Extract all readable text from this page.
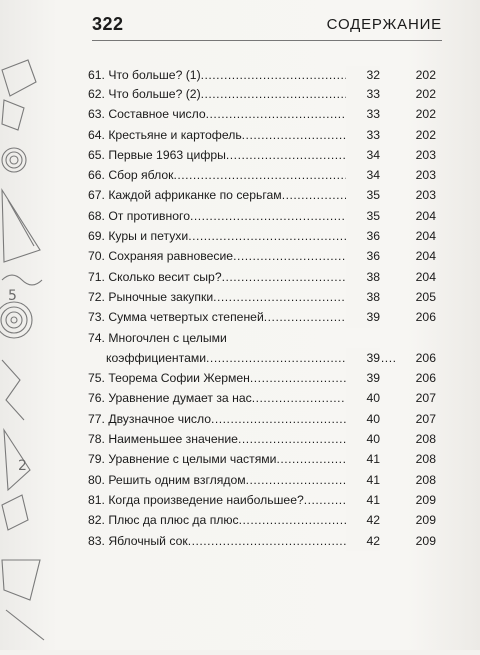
5
2
322	СОДЕРЖАНИЕ
61. Что больше? (1) .....	32	202
62. Что больше? (2) .....	33	202
63. Составное число .....	33	202
64. Крестьяне и картофель .....	33	202
65. Первые 1963 цифры .....	34	203
66. Сбор яблок .....	34	203
67. Каждой африканке по серьгам .....	35	203
68. От противного .....	35	204
69. Куры и петухи .....	36	204
70. Сохраняя равновесие .....	36	204
71. Сколько весит сыр? .....	38	204
72. Рыночные закупки .....	38	205
73. Сумма четвертых степеней .....	39	206
74. Многочлен с целыми
коэффициентами .....	39	206
75. Теорема Софии Жермен .....	39	206
76. Уравнение думает за нас .....	40	207
77. Двузначное число .....	40	207
78. Наименьшее значение .....	40	208
79. Уравнение с целыми частями .....	41	208
80. Решить одним взглядом .....	41	208
81. Когда произведение наибольшее? .....	41	209
82. Плюс да плюс да плюс .....	42	209
83. Яблочный сок .....	42	209
